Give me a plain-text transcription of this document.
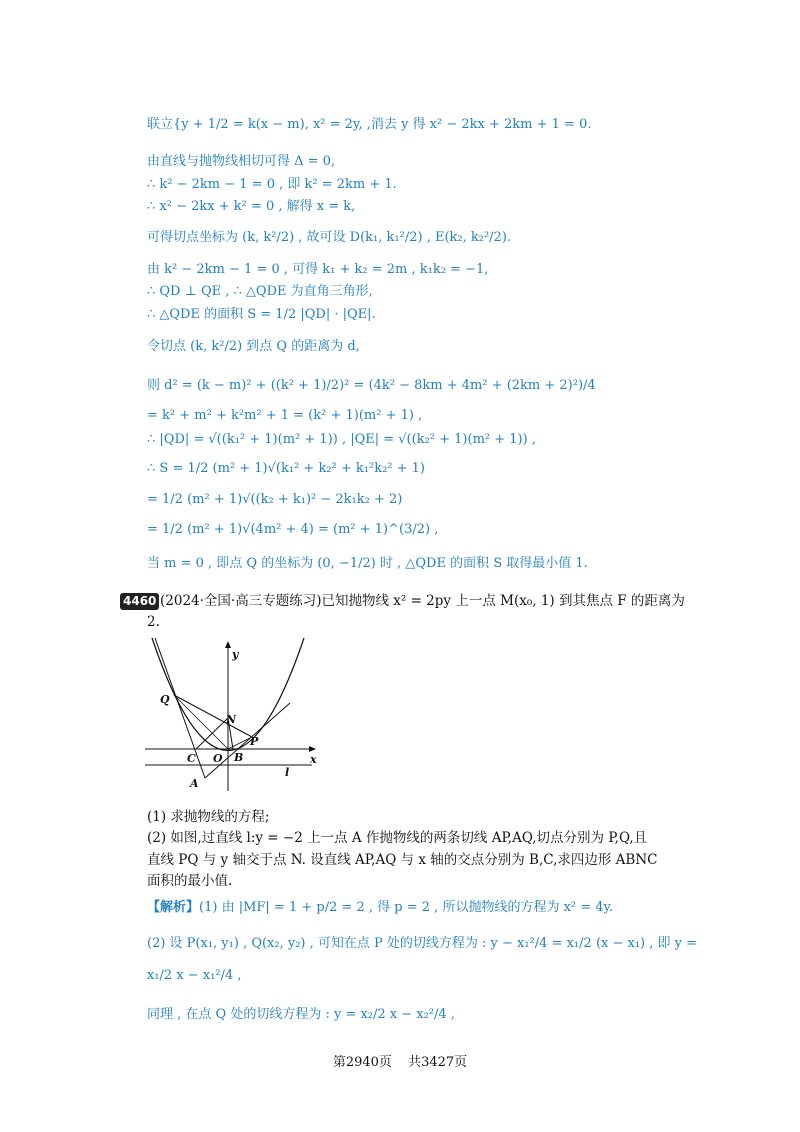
联立{y + 1/2 = k(x − m), x² = 2y, ,消去 y 得 x² − 2kx + 2km + 1 = 0.
由直线与抛物线相切可得 Δ = 0,
∴ k² − 2km − 1 = 0 , 即 k² = 2km + 1.
∴ x² − 2kx + k² = 0 , 解得 x = k,
可得切点坐标为 (k, k²/2) , 故可设 D(k₁, k₁²/2) , E(k₂, k₂²/2).
由 k² − 2km − 1 = 0 , 可得 k₁ + k₂ = 2m , k₁k₂ = −1,
∴ QD ⊥ QE , ∴ △QDE 为直角三角形,
∴ △QDE 的面积 S = 1/2 |QD| · |QE|.
令切点 (k, k²/2) 到点 Q 的距离为 d,
则 d² = (k − m)² + ((k² + 1)/2)² = (4k² − 8km + 4m² + (2km + 2)²)/4
= k² + m² + k²m² + 1 = (k² + 1)(m² + 1) ,
∴ |QD| = √((k₁² + 1)(m² + 1)) , |QE| = √((k₂² + 1)(m² + 1)) ,
∴ S = 1/2 (m² + 1)√(k₁² + k₂² + k₁²k₂² + 1)
= 1/2 (m² + 1)√((k₂ + k₁)² − 2k₁k₂ + 2)
= 1/2 (m² + 1)√(4m² + 4) = (m² + 1)^(3/2) ,
当 m = 0 , 即点 Q 的坐标为 (0, −1/2) 时 , △QDE 的面积 S 取得最小值 1.
4460 (2024·全国·高三专题练习)已知抛物线 x² = 2py 上一点 M(x₀, 1) 到其焦点 F 的距离为
2.
Q
N
P
C O B
A
x
y
l
(1) 求抛物线的方程;
(2) 如图,过直线 l:y = −2 上一点 A 作抛物线的两条切线 AP,AQ,切点分别为 P,Q,且
直线 PQ 与 y 轴交于点 N. 设直线 AP,AQ 与 x 轴的交点分别为 B,C,求四边形 ABNC
面积的最小值.
【解析】(1) 由 |MF| = 1 + p/2 = 2 , 得 p = 2 , 所以抛物线的方程为 x² = 4y.
(2) 设 P(x₁, y₁) , Q(x₂, y₂) , 可知在点 P 处的切线方程为 : y − x₁²/4 = x₁/2 (x − x₁) , 即 y =
x₁/2 x − x₁²/4 ,
同理 , 在点 Q 处的切线方程为 : y = x₂/2 x − x₂²/4 ,
第2940页 共3427页
